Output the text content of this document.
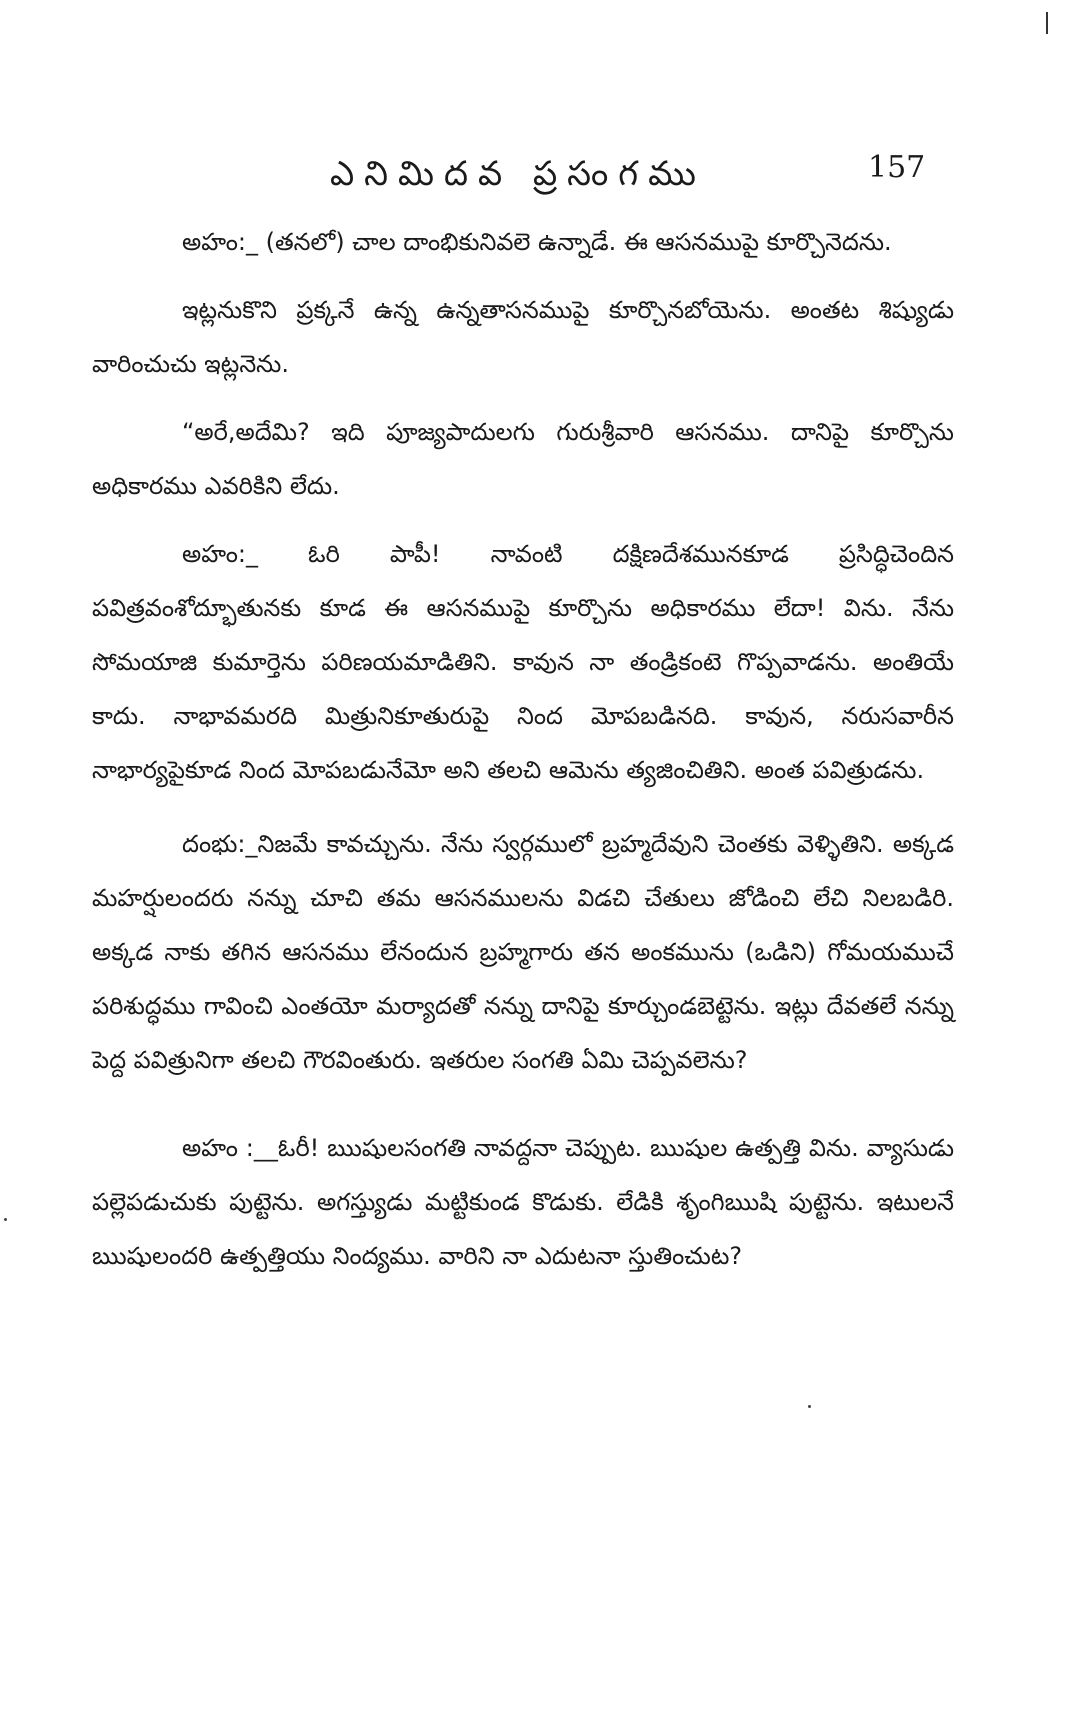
ఎనిమిదవ ప్రసంగము	157

అహం:_ (తనలో) చాల దాంభికునివలె ఉన్నాడే. ఈ ఆసనముపై కూర్చొనెదను.

ఇట్లనుకొని ప్రక్కనే ఉన్న ఉన్నతాసనముపై కూర్చొనబోయెను. అంతట శిష్యుడు వారించుచు ఇట్లనెను.

“అరే,అదేమి? ఇది పూజ్యపాదులగు గురుశ్రీవారి ఆసనము. దానిపై కూర్చొను అధికారము ఎవరికిని లేదు.

అహం:_ ఓరి పాపీ! నావంటి దక్షిణదేశమునకూడ ప్రసిద్ధిచెందిన పవిత్రవంశోద్భూతునకు కూడ ఈ ఆసనముపై కూర్చొను అధికారము లేదా! విను. నేను సోమయాజి కుమార్తెను పరిణయమాడితిని. కావున నా తండ్రికంటె గొప్పవాడను. అంతియే కాదు. నాభావమరది మిత్రునికూతురుపై నింద మోపబడినది. కావున, నరుసవారీన నాభార్యపైకూడ నింద మోపబడునేమో అని తలచి ఆమెను త్యజించితిని. అంత పవిత్రుడను.

దంభు:_నిజమే కావచ్చును. నేను స్వర్గములో బ్రహ్మదేవుని చెంతకు వెళ్ళితిని. అక్కడ మహర్షులందరు నన్ను చూచి తమ ఆసనములను విడచి చేతులు జోడించి లేచి నిలబడిరి. అక్కడ నాకు తగిన ఆసనము లేనందున బ్రహ్మగారు తన అంకమును (ఒడిని) గోమయముచే పరిశుద్ధము గావించి ఎంతయో మర్యాదతో నన్ను దానిపై కూర్చుండబెట్టెను. ఇట్లు దేవతలే నన్ను పెద్ద పవిత్రునిగా తలచి గౌరవింతురు. ఇతరుల సంగతి ఏమి చెప్పవలెను?

అహం :__ఓరీ! ఋషులసంగతి నావద్దనా చెప్పుట. ఋషుల ఉత్పత్తి విను. వ్యాసుడు పల్లెపడుచుకు పుట్టెను. అగస్త్యుడు మట్టికుండ కొడుకు. లేడికి శృంగిఋషి పుట్టెను. ఇటులనే ఋషులందరి ఉత్పత్తియు నింద్యము. వారిని నా ఎదుటనా స్తుతించుట?
